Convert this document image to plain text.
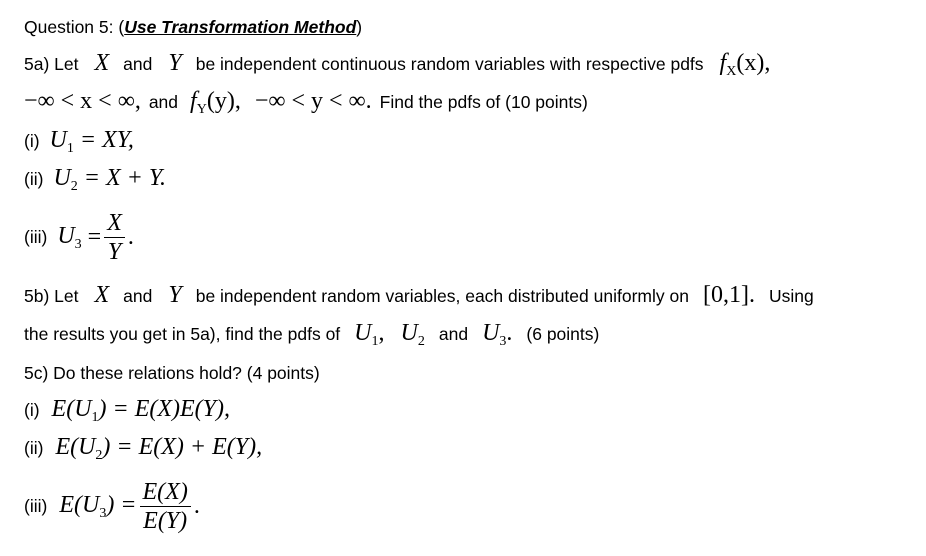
Question 5: ( Use Transformation Method )
5a) Let X and Y be independent continuous random variables with respective pdfs $f_X(x)$,
−∞ < x < ∞, and $f_Y(y)$, −∞ < y < ∞. Find the pdfs of (10 points)
(i) $U_1$ = XY,
(ii) $U_2 = X + Y$.
(iii) $U_3 = \frac{X}{Y}$ .
5b) Let X and Y be independent random variables, each distributed uniformly on [0,1]. Using
the results you get in 5a), find the pdfs of $U_1$, $U_2$ and $U_3$. (6 points)
5c) Do these relations hold? (4 points)
(i) $E(U_1) = E(X)E(Y)$,
(ii) $E(U_2) = E(X) + E(Y)$,
(iii) $E(U_3) = \frac{E(X)}{E(Y)}$ .
